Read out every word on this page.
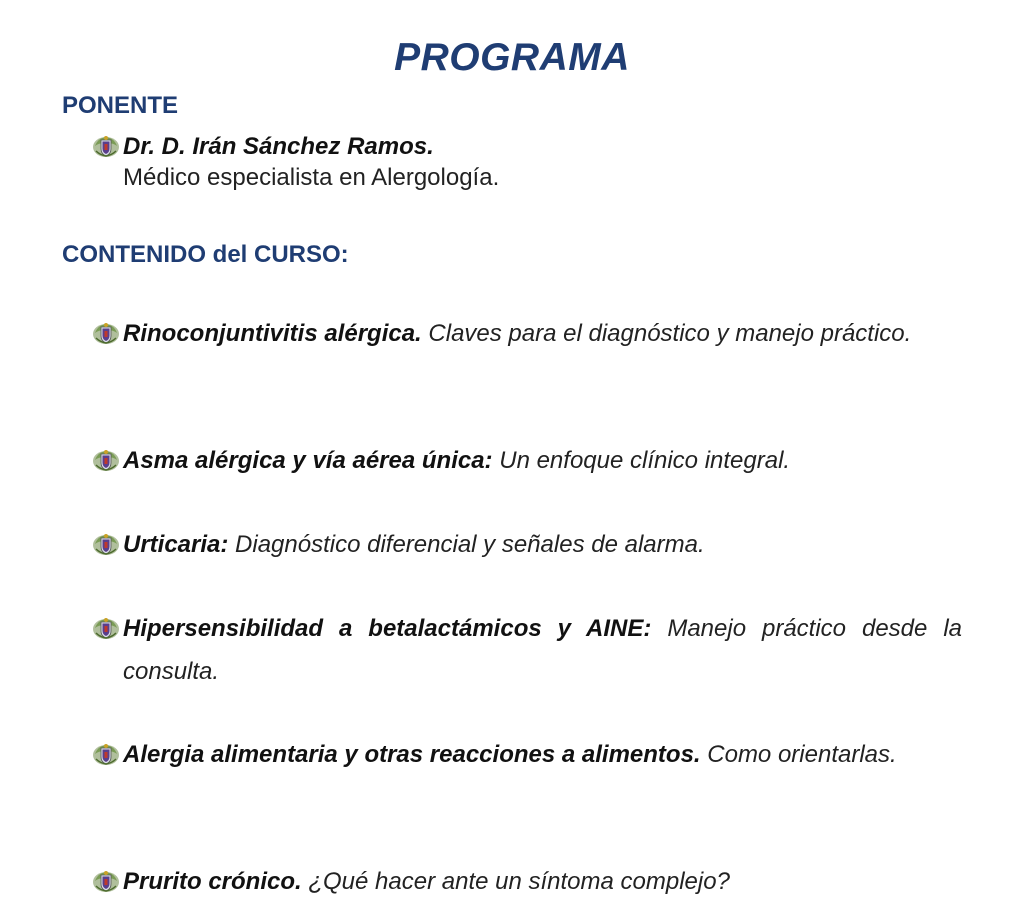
PROGRAMA
PONENTE
Dr. D. Irán Sánchez Ramos.
Médico especialista en Alergología.
CONTENIDO del CURSO:
Rinoconjuntivitis alérgica. Claves para el diagnóstico y manejo práctico.
Asma alérgica y vía aérea única: Un enfoque clínico integral.
Urticaria: Diagnóstico diferencial y señales de alarma.
Hipersensibilidad a betalactámicos y AINE: Manejo práctico desde la consulta.
Alergia alimentaria y otras reacciones a alimentos. Como orientarlas.
Prurito crónico. ¿Qué hacer ante un síntoma complejo?
